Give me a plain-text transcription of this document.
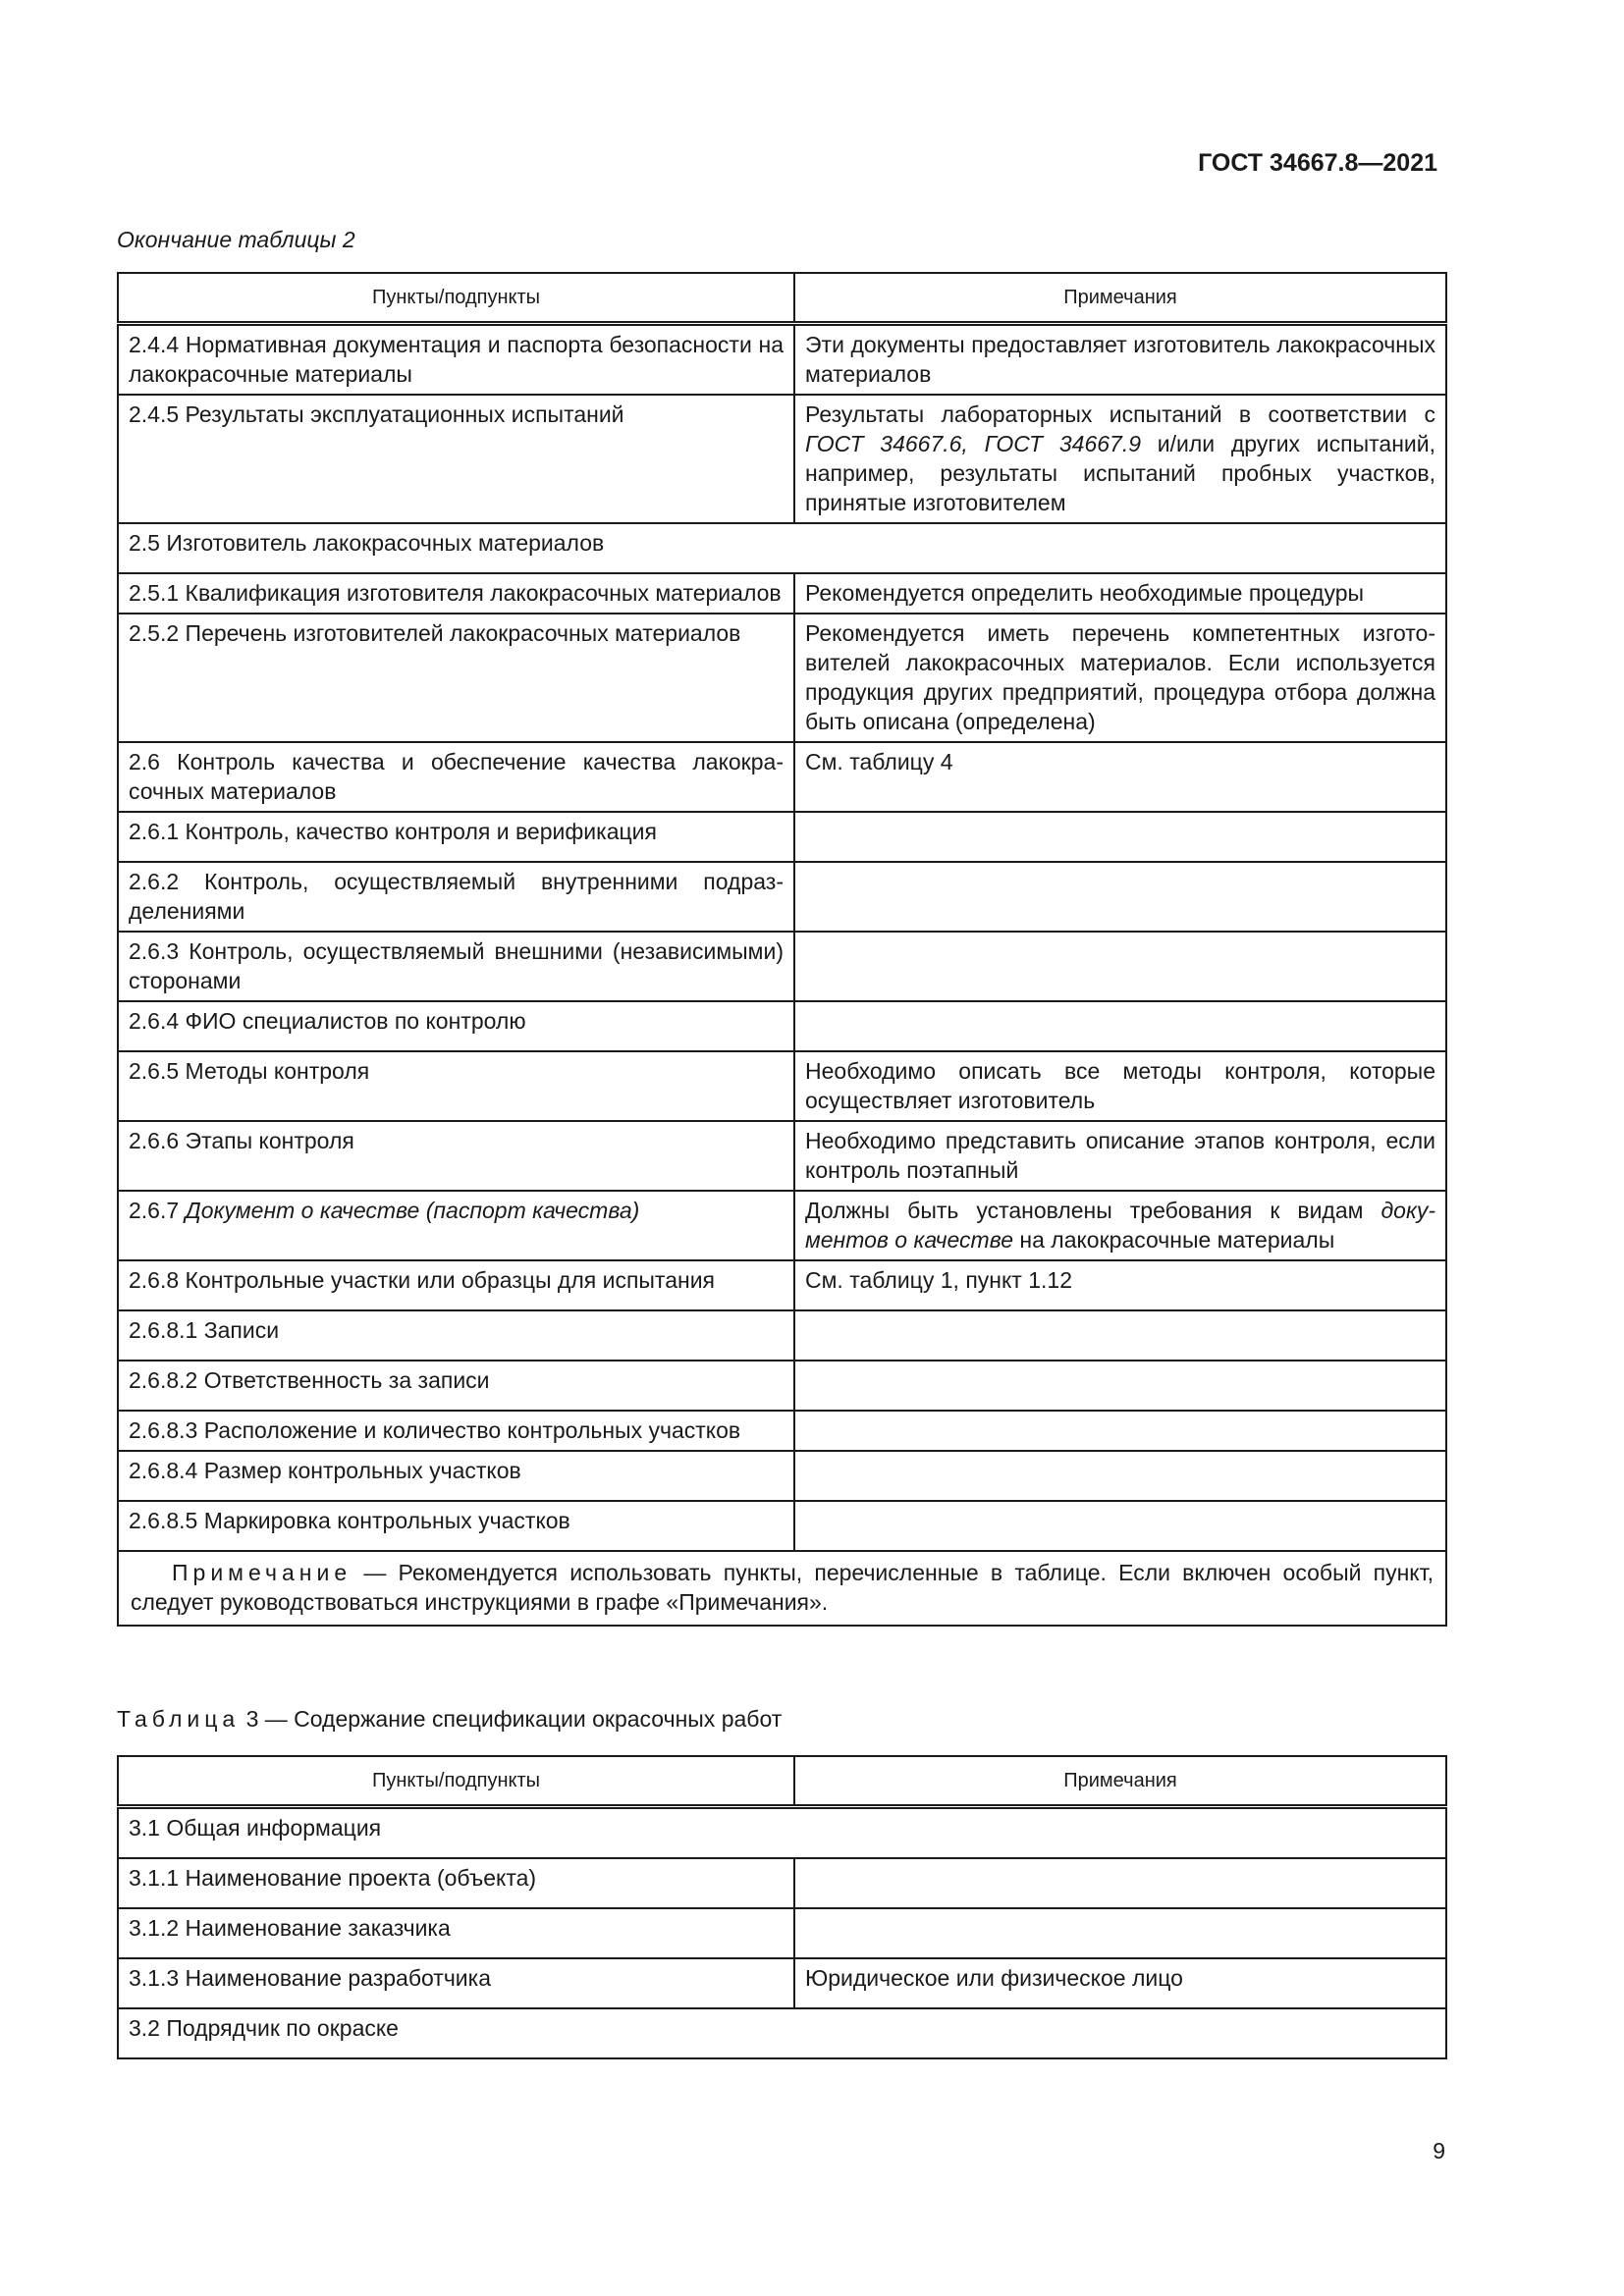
ГОСТ 34667.8—2021
Окончание таблицы 2
Пункты/подпункты	Примечания
2.4.4 Нормативная документация и паспорта безопасности на лакокрасочные материалы	Эти документы предоставляет изготовитель лакокрасочных материалов
2.4.5 Результаты эксплуатационных испытаний	Результаты лабораторных испытаний в соответствии с ГОСТ 34667.6, ГОСТ 34667.9 и/или других испытаний, например, результаты испытаний пробных участков, принятые изготовителем
2.5 Изготовитель лакокрасочных материалов	
2.5.1 Квалификация изготовителя лакокрасочных материалов	Рекомендуется определить необходимые процедуры
2.5.2 Перечень изготовителей лакокрасочных материалов	Рекомендуется иметь перечень компетентных изготовителей лакокрасочных материалов. Если используется продукция других предприятий, процедура отбора должна быть описана (определена)
2.6 Контроль качества и обеспечение качества лакокрасочных материалов	См. таблицу 4
2.6.1 Контроль, качество контроля и верификация	
2.6.2 Контроль, осуществляемый внутренними подразделениями	
2.6.3 Контроль, осуществляемый внешними (независимыми) сторонами	
2.6.4 ФИО специалистов по контролю	
2.6.5 Методы контроля	Необходимо описать все методы контроля, которые осуществляет изготовитель
2.6.6 Этапы контроля	Необходимо представить описание этапов контроля, если контроль поэтапный
2.6.7 Документ о качестве (паспорт качества)	Должны быть установлены требования к видам документов о качестве на лакокрасочные материалы
2.6.8 Контрольные участки или образцы для испытания	См. таблицу 1, пункт 1.12
2.6.8.1 Записи	
2.6.8.2 Ответственность за записи	
2.6.8.3 Расположение и количество контрольных участков	
2.6.8.4 Размер контрольных участков	
2.6.8.5 Маркировка контрольных участков	
Примечание — Рекомендуется использовать пункты, перечисленные в таблице. Если включен особый пункт, следует руководствоваться инструкциями в графе «Примечания».	
Таблица 3 — Содержание спецификации окрасочных работ
Пункты/подпункты	Примечания
3.1 Общая информация	
3.1.1 Наименование проекта (объекта)	
3.1.2 Наименование заказчика	
3.1.3 Наименование разработчика	Юридическое или физическое лицо
3.2 Подрядчик по окраске	
9
